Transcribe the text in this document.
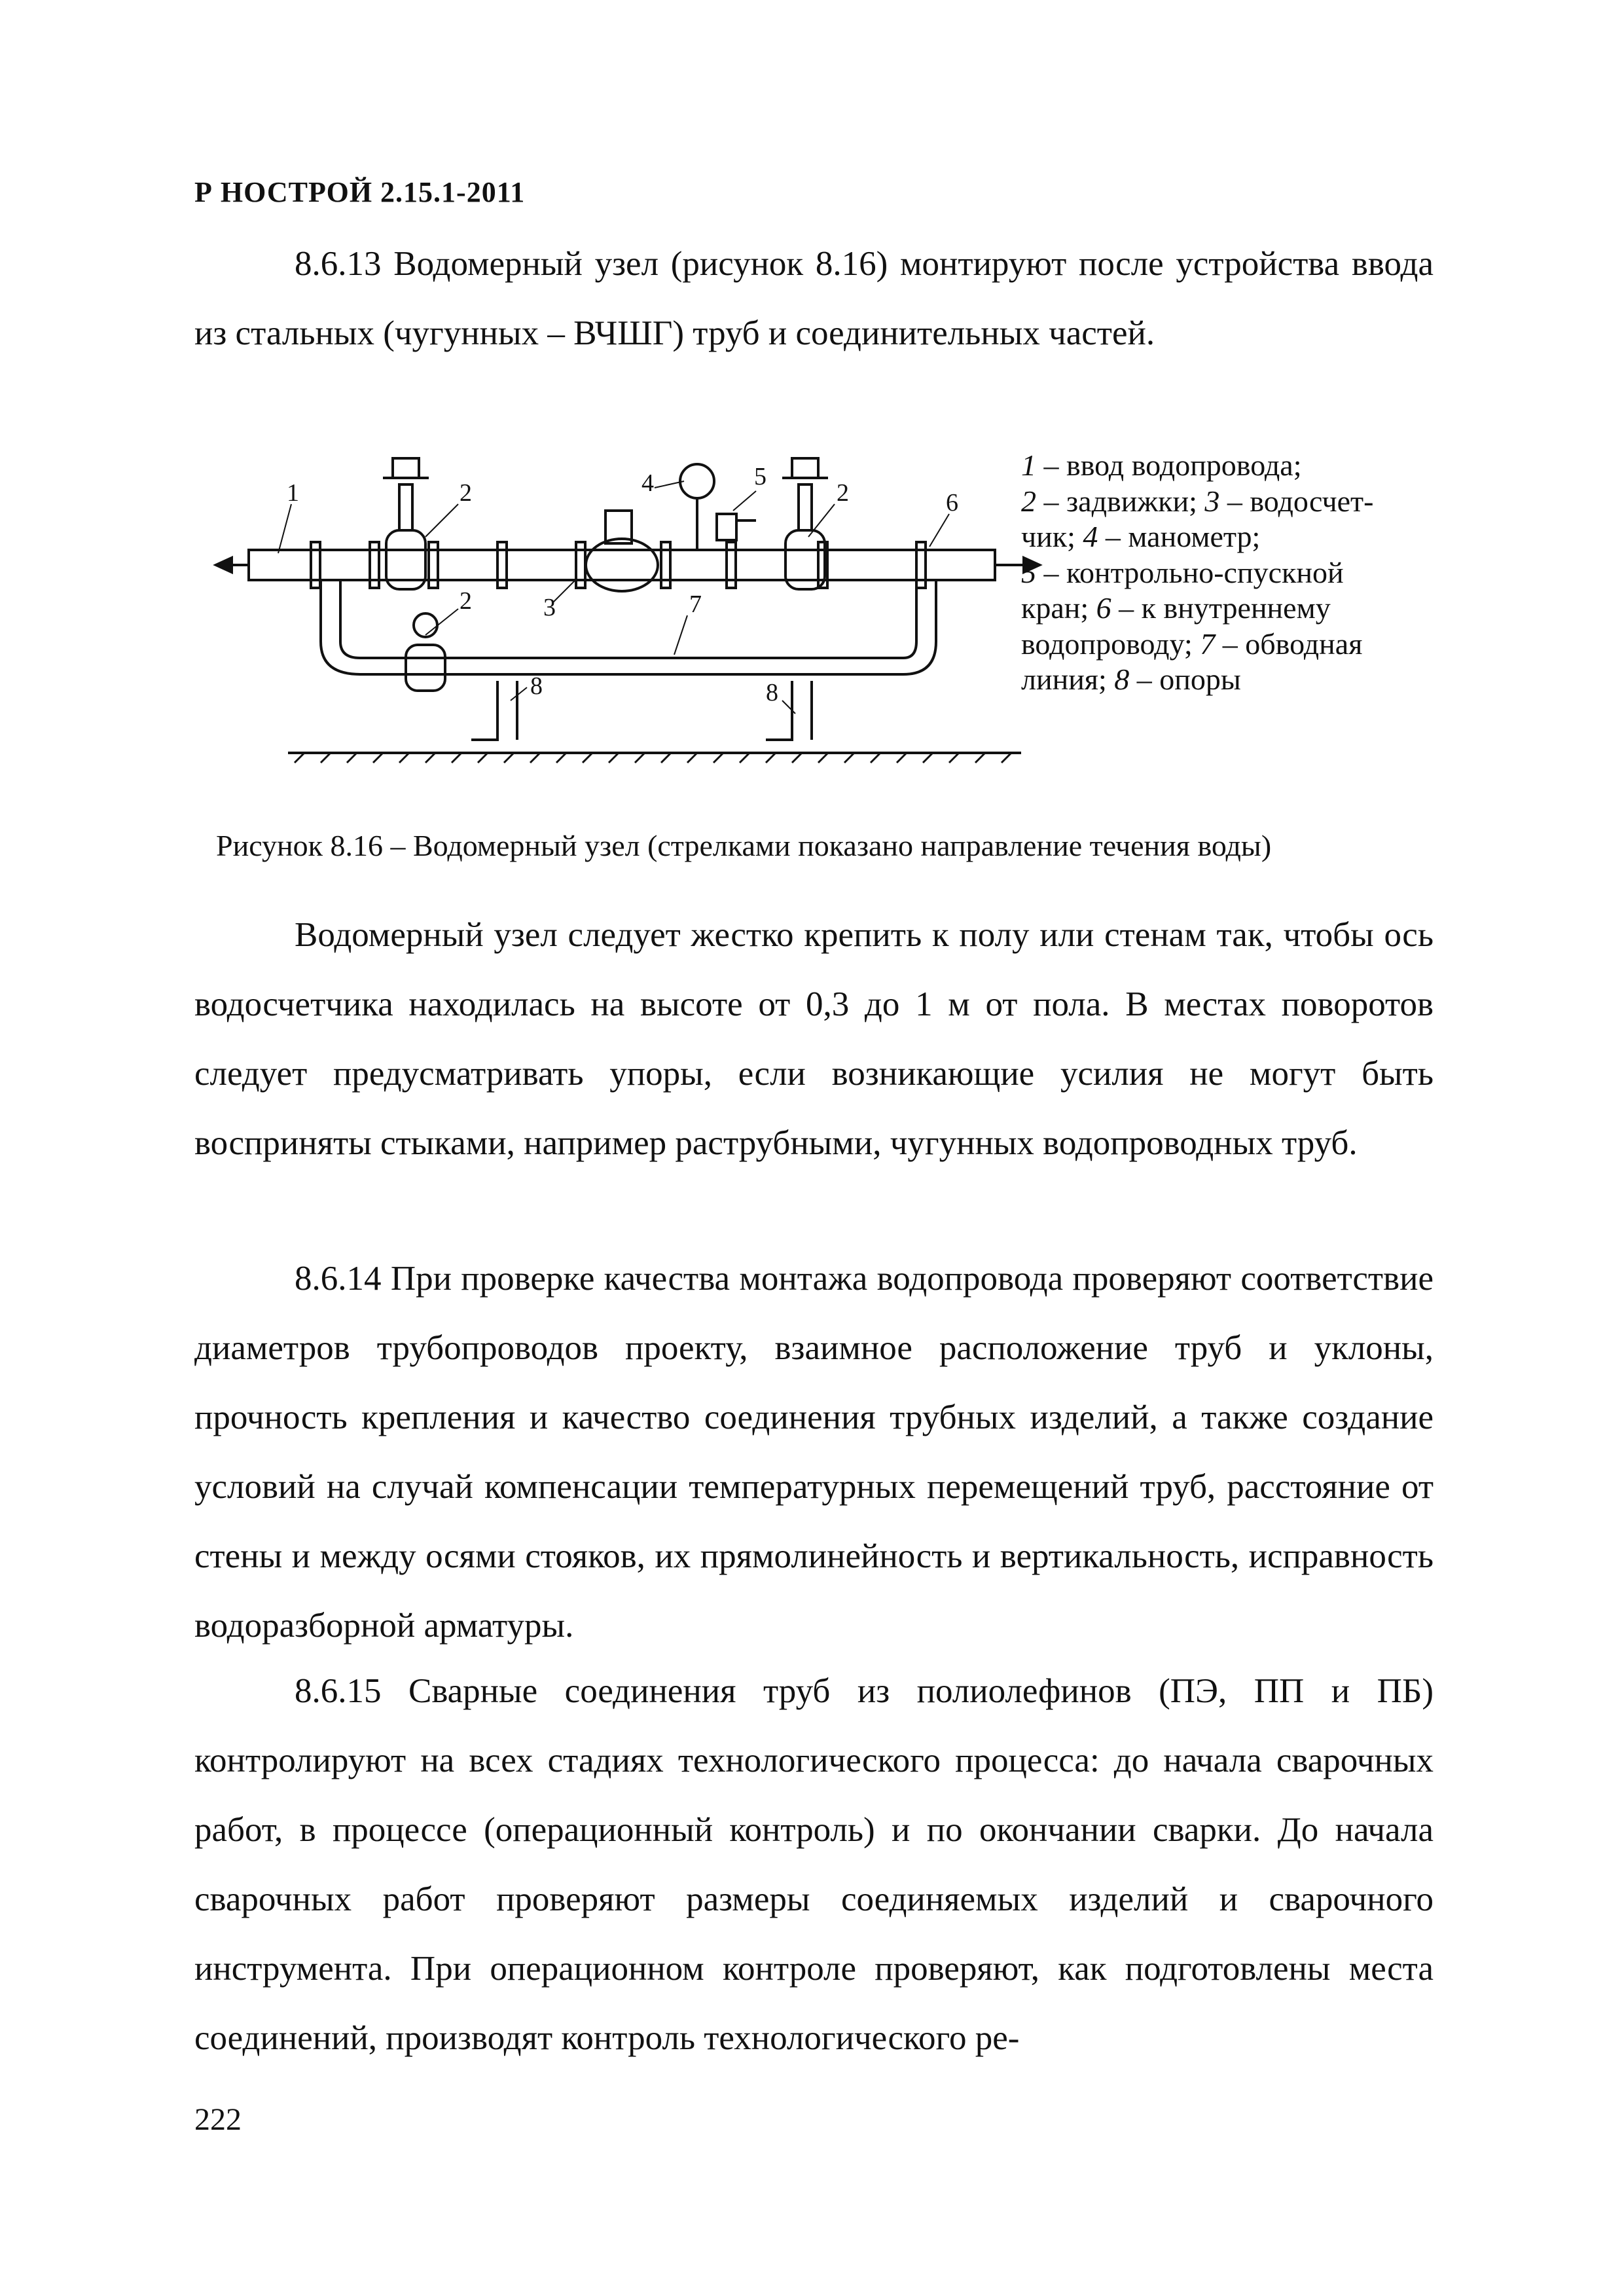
Р НОСТРОЙ 2.15.1-2011

8.6.13 Водомерный узел (рисунок 8.16) монтируют после устройства ввода из стальных (чугунных – ВЧШГ) труб и соединительных частей.

1	2
2	3
4	5
2	6
7
8	8
1 – ввод водопровода;
2 – задвижки; 3 – водосчет-
чик; 4 – манометр;
5 – контрольно-спускной
кран; 6 – к внутреннему
водопроводу; 7 – обводная
линия; 8 – опоры
Рисунок 8.16 – Водомерный узел (стрелками показано направление течения воды)

Водомерный узел следует жестко крепить к полу или стенам так, чтобы ось водосчетчика находилась на высоте от 0,3 до 1 м от пола. В местах поворотов следует предусматривать упоры, если возникающие усилия не могут быть восприняты стыками, например раструбными, чугунных водопроводных труб.

8.6.14 При проверке качества монтажа водопровода проверяют соответствие диаметров трубопроводов проекту, взаимное расположение труб и уклоны, прочность крепления и качество соединения трубных изделий, а также создание условий на случай компенсации температурных перемещений труб, расстояние от стены и между осями стояков, их прямолинейность и вертикальность, исправность водоразборной арматуры.

8.6.15 Сварные соединения труб из полиолефинов (ПЭ, ПП и ПБ) контролируют на всех стадиях технологического процесса: до начала сварочных работ, в процессе (операционный контроль) и по окончании сварки. До начала сварочных работ проверяют размеры соединяемых изделий и сварочного инструмента. При операционном контроле проверяют, как подготовлены места соединений, производят контроль технологического ре-

222
